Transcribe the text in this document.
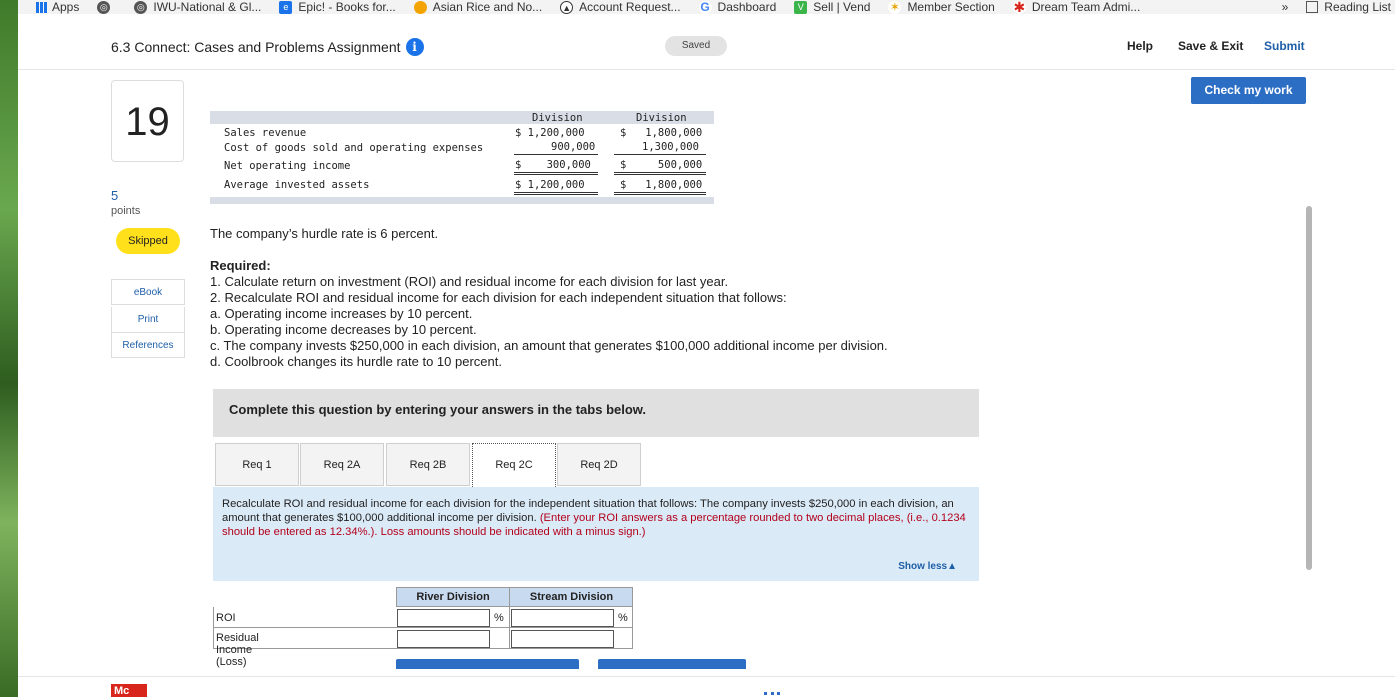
Apps ◎	◎ IWU-National & Gl...	e Epic! - Books for...	Asian Rice and No... ▲ Account Request... G Dashboard	V Sell | Vend ✶ Member Section ✱ Dream Team Admi...	»	Reading List
6.3 Connect: Cases and Problems Assignment i	Saved	Help Save & Exit Submit
Check my work
19
5
points
Skipped
eBook
Print
References
Division	Division
Sales revenue	$ 1,200,000	$   1,800,000
Cost of goods sold and operating expenses	900,000	1,300,000
Net operating income	$    300,000	$     500,000
Average invested assets	$ 1,200,000	$   1,800,000
The company’s hurdle rate is 6 percent.
Required:
1. Calculate return on investment (ROI) and residual income for each division for last year.
2. Recalculate ROI and residual income for each division for each independent situation that follows:
a. Operating income increases by 10 percent.
b. Operating income decreases by 10 percent.
c. The company invests $250,000 in each division, an amount that generates $100,000 additional income per division.
d. Coolbrook changes its hurdle rate to 10 percent.
Complete this question by entering your answers in the tabs below.
Req 1	Req 2A	Req 2B	Req 2C	Req 2D

Recalculate ROI and residual income for each division for the independent situation that follows: The company invests $250,000 in each division, an amount that generates $100,000 additional income per division. (Enter your ROI answers as a percentage rounded to two decimal places, (i.e., 0.1234 should be entered as 12.34%.). Loss amounts should be indicated with a minus sign.)

Show less▲
River Division	Stream Division
ROI	%	%
Residual Income (Loss)
Mc
